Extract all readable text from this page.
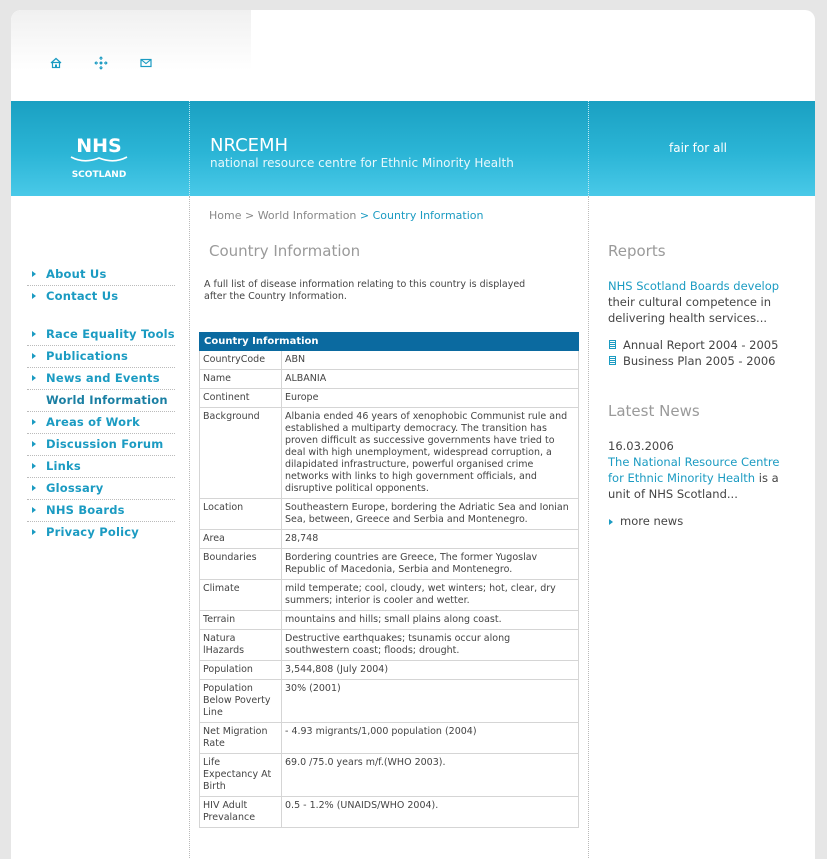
NHS
SCOTLAND
NRCEMH
national resource centre for Ethnic Minority Health
fair for all
About Us
Contact Us
Race Equality Tools
Publications
News and Events
World Information
Areas of Work
Discussion Forum
Links
Glossary
NHS Boards
Privacy Policy
Home > World Information > Country Information
Country Information
A full list of disease information relating to this country is displayed after the Country Information.
Country Information	
CountryCode	ABN
Name	ALBANIA
Continent	Europe
Background	Albania ended 46 years of xenophobic Communist rule and established a multiparty democracy. The transition has proven difficult as successive governments have tried to deal with high unemployment, widespread corruption, a dilapidated infrastructure, powerful organised crime networks with links to high government officials, and disruptive political opponents.
Location	Southeastern Europe, bordering the Adriatic Sea and Ionian Sea, between, Greece and Serbia and Montenegro.
Area	28,748
Boundaries	Bordering countries are Greece, The former Yugoslav Republic of Macedonia, Serbia and Montenegro.
Climate	mild temperate; cool, cloudy, wet winters; hot, clear, dry summers; interior is cooler and wetter.
Terrain	mountains and hills; small plains along coast.
Natura lHazards	Destructive earthquakes; tsunamis occur along southwestern coast; floods; drought.
Population	3,544,808 (July 2004)
Population Below Poverty Line	30% (2001)
Net Migration Rate	- 4.93 migrants/1,000 population (2004)
Life Expectancy At Birth	69.0 /75.0 years m/f.(WHO 2003).
HIV Adult Prevalance	0.5 - 1.2% (UNAIDS/WHO 2004).
Reports
NHS Scotland Boards develop
their cultural competence in delivering health services...
Annual Report 2004 - 2005
Business Plan 2005 - 2006
Latest News
16.03.2006
The National Resource Centre for Ethnic Minority Health is a unit of NHS Scotland...
more news
